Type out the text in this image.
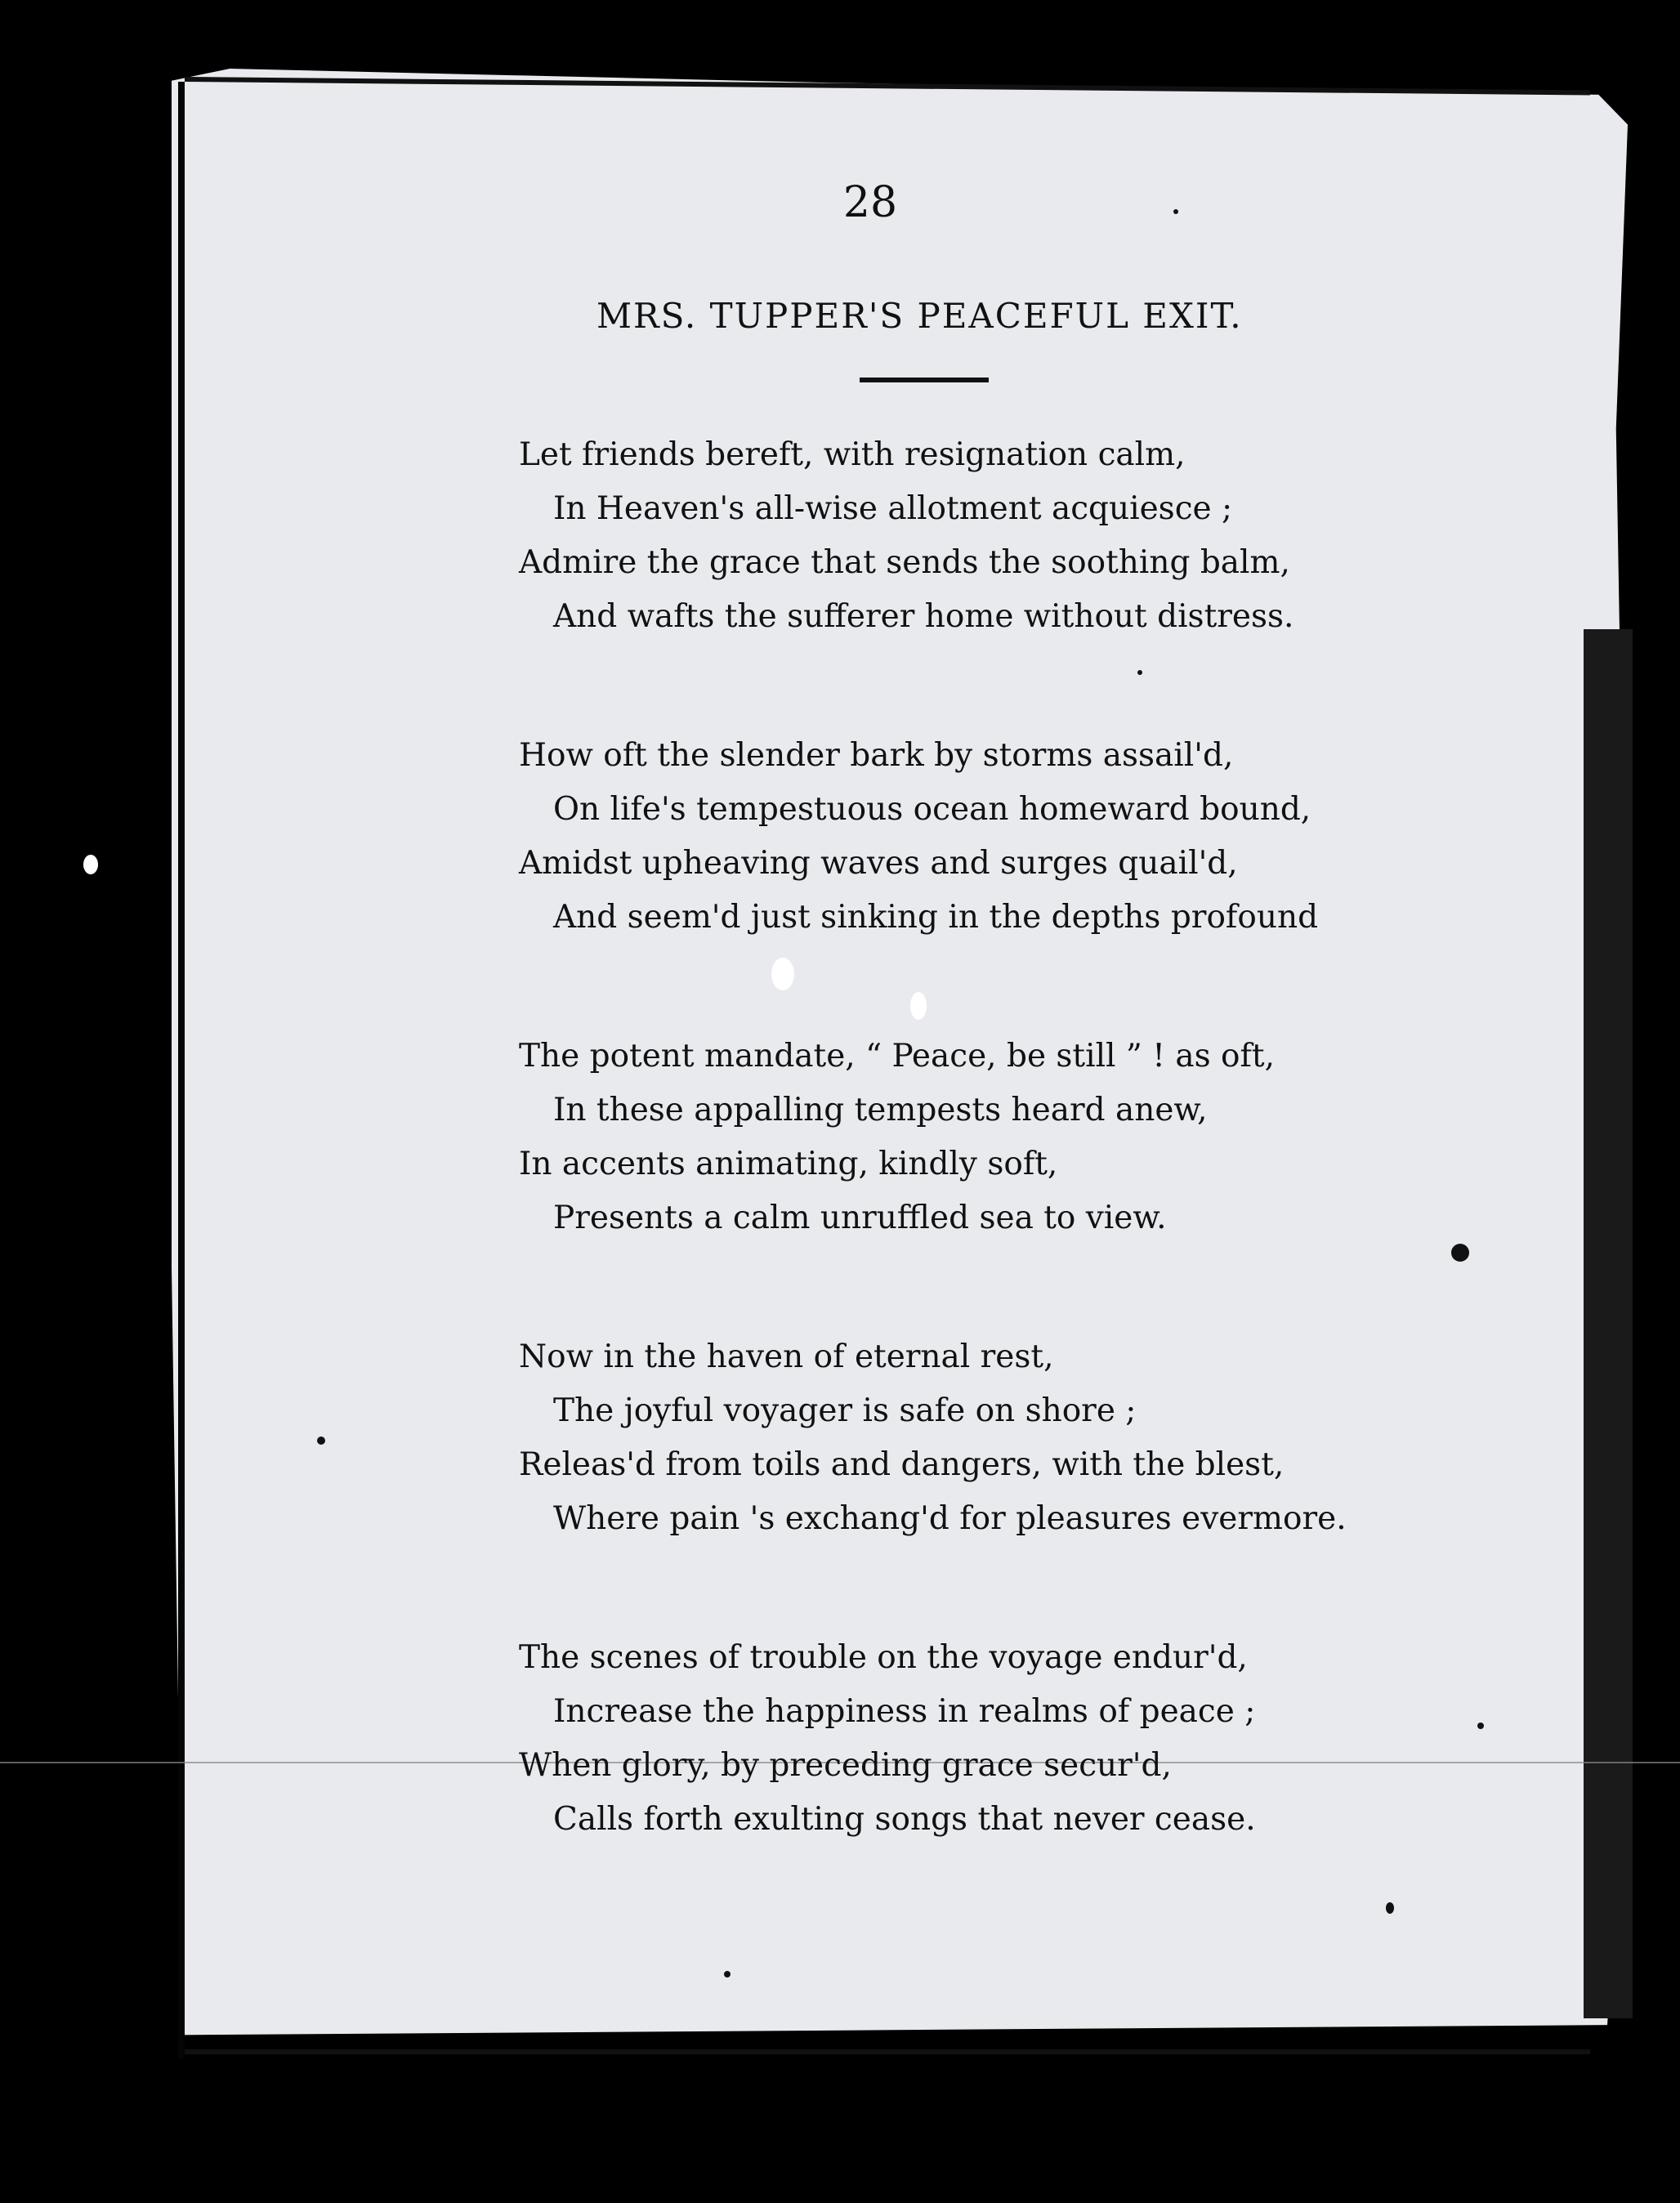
28
MRS. TUPPER'S PEACEFUL EXIT.
Let friends bereft, with resignation calm,
In Heaven's all-wise allotment acquiesce ;
Admire the grace that sends the soothing balm,
And wafts the sufferer home without distress.
How oft the slender bark by storms assail'd,
On life's tempestuous ocean homeward bound,
Amidst upheaving waves and surges quail'd,
And seem'd just sinking in the depths profound
The potent mandate, “ Peace, be still ” ! as oft,
In these appalling tempests heard anew,
In accents animating, kindly soft,
Presents a calm unruffled sea to view.
Now in the haven of eternal rest,
The joyful voyager is safe on shore ;
Releas'd from toils and dangers, with the blest,
Where pain 's exchang'd for pleasures evermore.
The scenes of trouble on the voyage endur'd,
Increase the happiness in realms of peace ;
When glory, by preceding grace secur'd,
Calls forth exulting songs that never cease.
